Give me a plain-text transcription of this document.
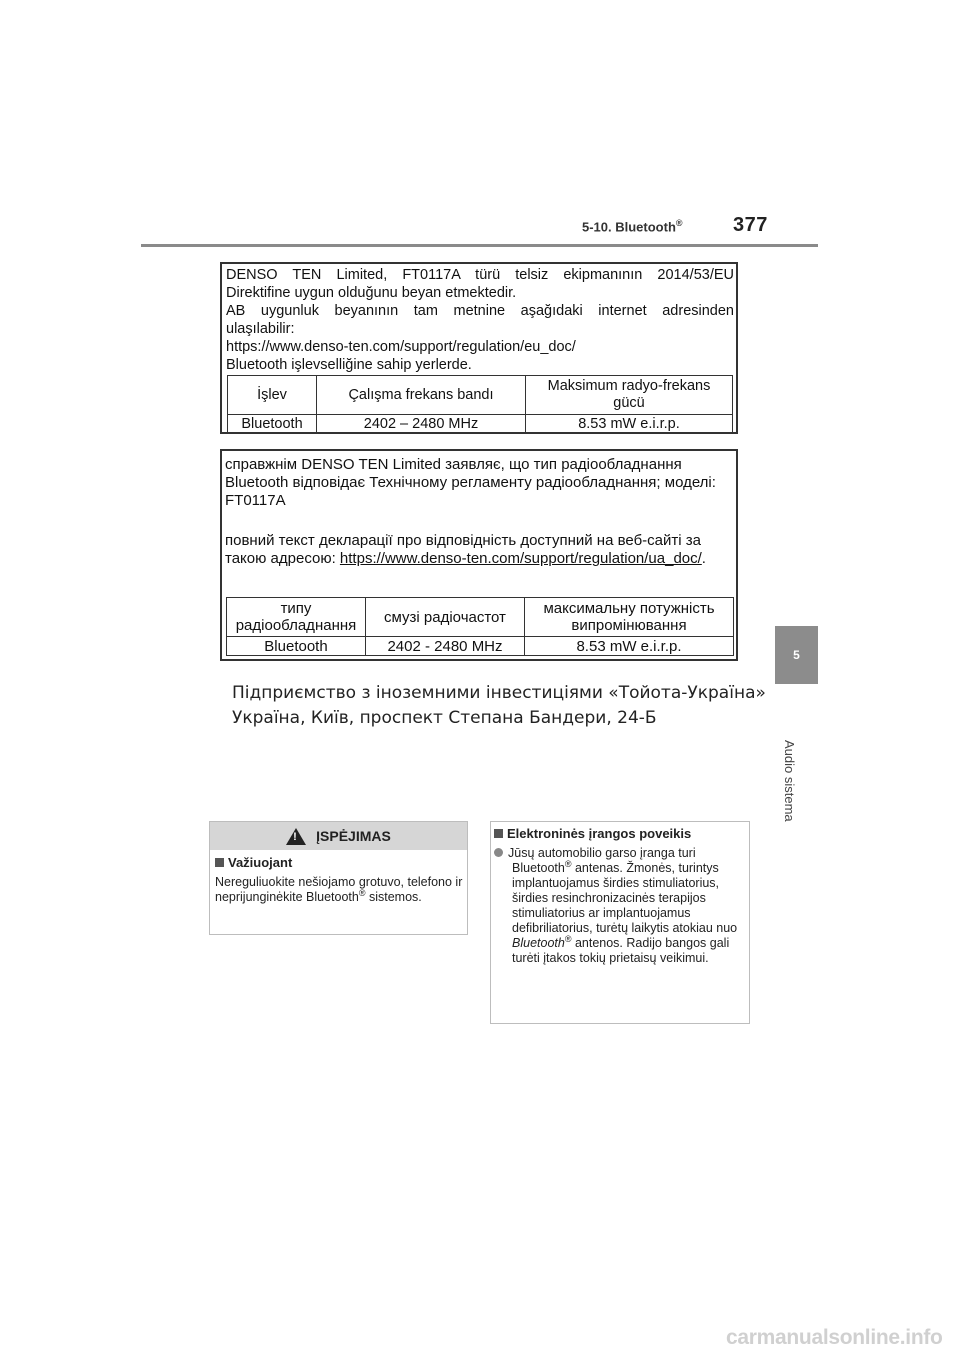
5-10. Bluetooth®	377
5
Audio sistema
DENSO TEN Limited, FT0117A türü telsiz ekipmanının 2014/53/EU
Direktifine uygun olduğunu beyan etmektedir.
AB uygunluk beyanının tam metnine aşağıdaki internet adresinden
ulaşılabilir:
https://www.denso-ten.com/support/regulation/eu_doc/
Bluetooth işlevselliğine sahip yerlerde.
İşlev	Çalışma frekans bandı	Maksimum radyo-frekans gücü
Bluetooth	2402 – 2480 MHz	8.53 mW e.i.r.p.
справжнім DENSO TEN Limited заявляє, що тип радіообладнання Bluetooth відповідає Технічному регламенту радіообладнання; моделі: FT0117A
повний текст декларації про відповідність доступний на веб-сайті за такою адресою: https://www.denso-ten.com/support/regulation/ua_doc/.
типу радіообладнання	смузі радіочастот	максимальну потужність випромінювання
Bluetooth	2402 - 2480 MHz	8.53 mW e.i.r.p.
Підприємство з іноземними інвестиціями «Тойота-Україна»
Україна, Київ, проспект Степана Бандери, 24-Б
!
ĮSPĖJIMAS
Važiuojant
Nereguliuokite nešiojamo grotuvo, telefono ir neprijunginėkite Bluetooth® sistemos.
Elektroninės įrangos poveikis
Jūsų automobilio garso įranga turi Bluetooth® antenas. Žmonės, turintys implantuojamus širdies stimuliatorius, širdies resinchronizacinės terapijos stimuliatorius ar implantuojamus defibriliatorius, turėtų laikytis atokiau nuo Bluetooth® antenos. Radijo bangos gali turėti įtakos tokių prietaisų veikimui.
carmanualsonline.info
